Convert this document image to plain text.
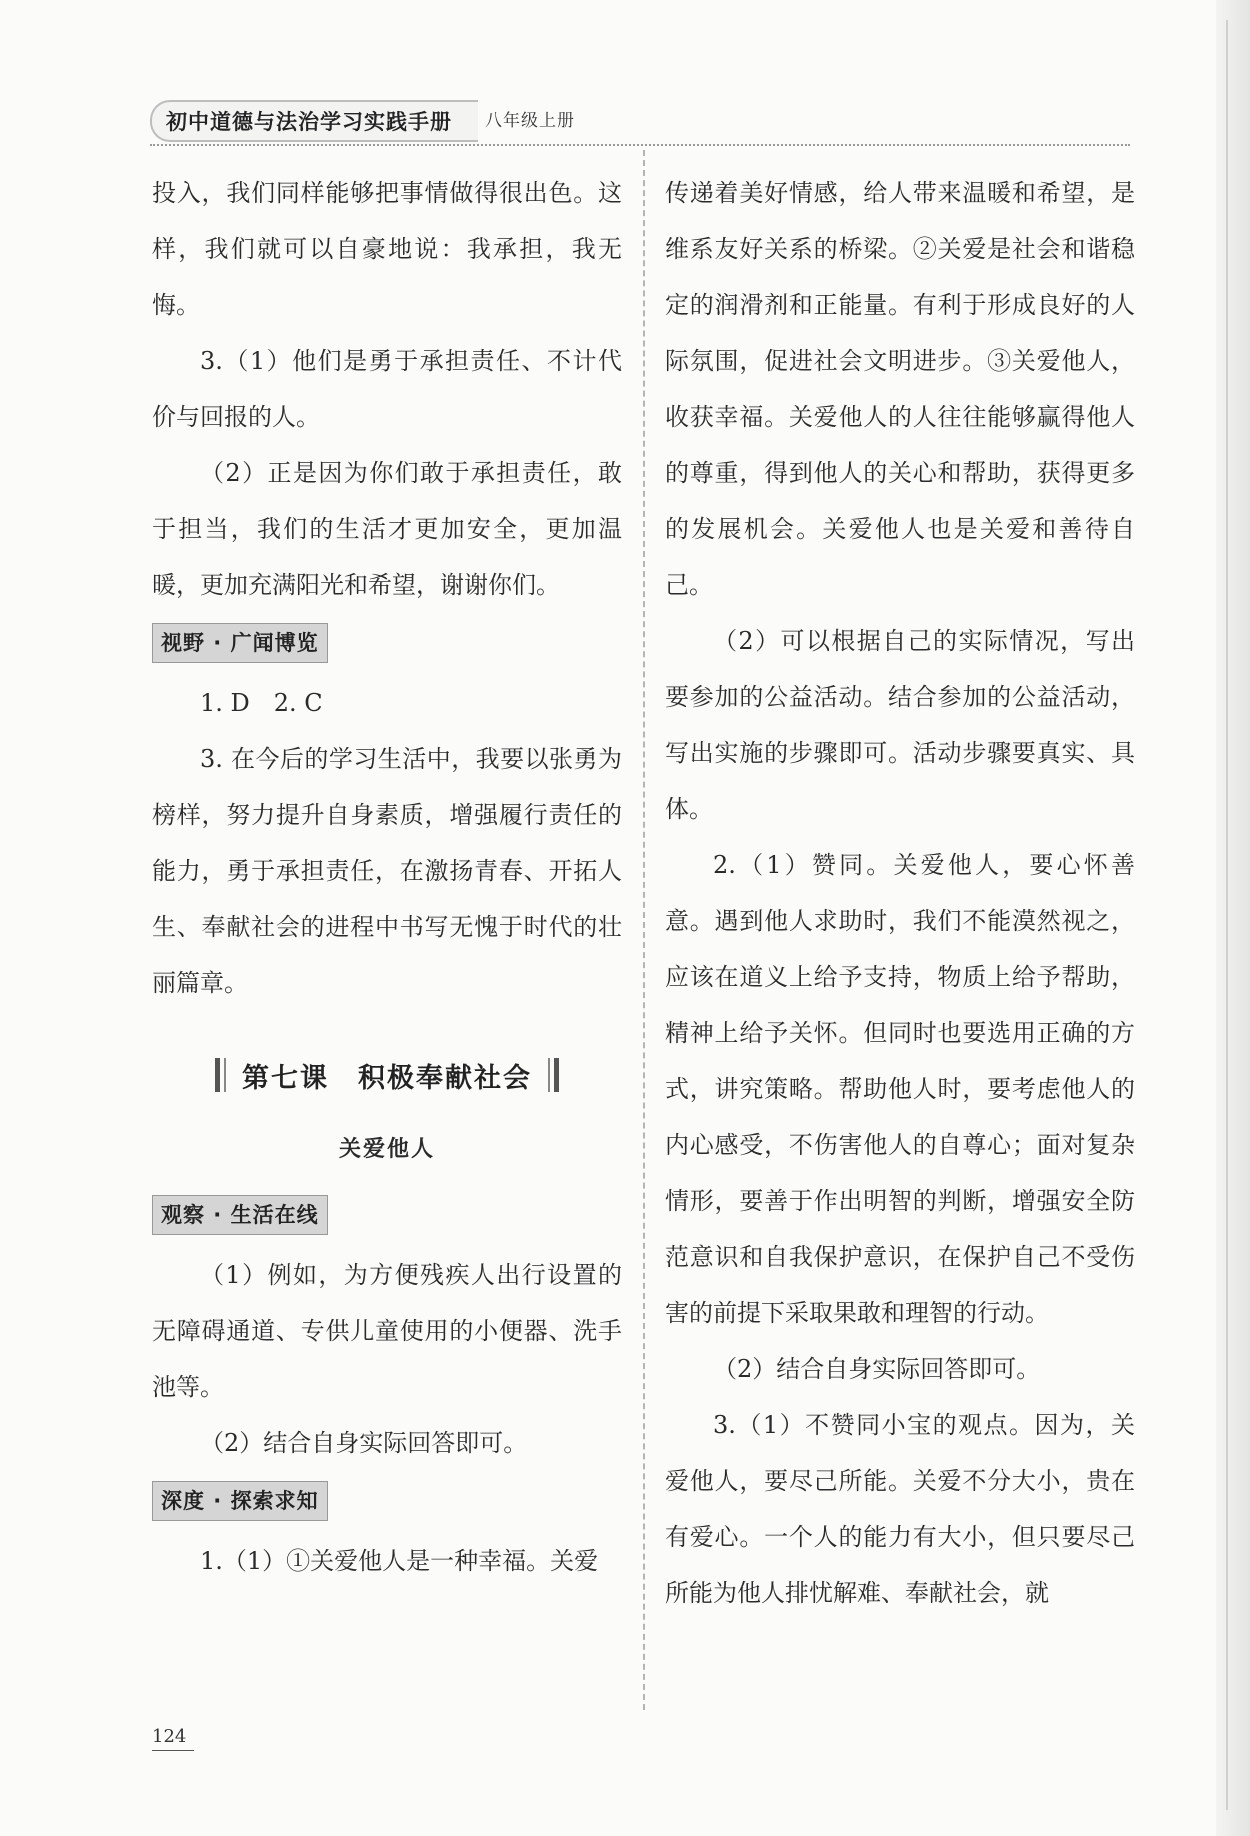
初中道德与法治学习实践手册 八年级上册

投入，我们同样能够把事情做得很出色。这样，我们就可以自豪地说：我承担，我无悔。

3.（1）他们是勇于承担责任、不计代价与回报的人。

（2）正是因为你们敢于承担责任，敢于担当，我们的生活才更加安全，更加温暖，更加充满阳光和希望，谢谢你们。

视野 · 广闻博览

1. D　2. C

3. 在今后的学习生活中，我要以张勇为榜样，努力提升自身素质，增强履行责任的能力，勇于承担责任，在激扬青春、开拓人生、奉献社会的进程中书写无愧于时代的壮丽篇章。

第七课　积极奉献社会
关爱他人
观察 · 生活在线

（1）例如，为方便残疾人出行设置的无障碍通道、专供儿童使用的小便器、洗手池等。

（2）结合自身实际回答即可。

深度 · 探索求知

1.（1）①关爱他人是一种幸福。关爱

传递着美好情感，给人带来温暖和希望，是维系友好关系的桥梁。②关爱是社会和谐稳定的润滑剂和正能量。有利于形成良好的人际氛围，促进社会文明进步。③关爱他人，收获幸福。关爱他人的人往往能够赢得他人的尊重，得到他人的关心和帮助，获得更多的发展机会。关爱他人也是关爱和善待自己。

（2）可以根据自己的实际情况，写出要参加的公益活动。结合参加的公益活动，写出实施的步骤即可。活动步骤要真实、具体。

2.（1）赞同。关爱他人，要心怀善意。遇到他人求助时，我们不能漠然视之，应该在道义上给予支持，物质上给予帮助，精神上给予关怀。但同时也要选用正确的方式，讲究策略。帮助他人时，要考虑他人的内心感受，不伤害他人的自尊心；面对复杂情形，要善于作出明智的判断，增强安全防范意识和自我保护意识，在保护自己不受伤害的前提下采取果敢和理智的行动。

（2）结合自身实际回答即可。

3.（1）不赞同小宝的观点。因为，关爱他人，要尽己所能。关爱不分大小，贵在有爱心。一个人的能力有大小，但只要尽己所能为他人排忧解难、奉献社会，就

124
